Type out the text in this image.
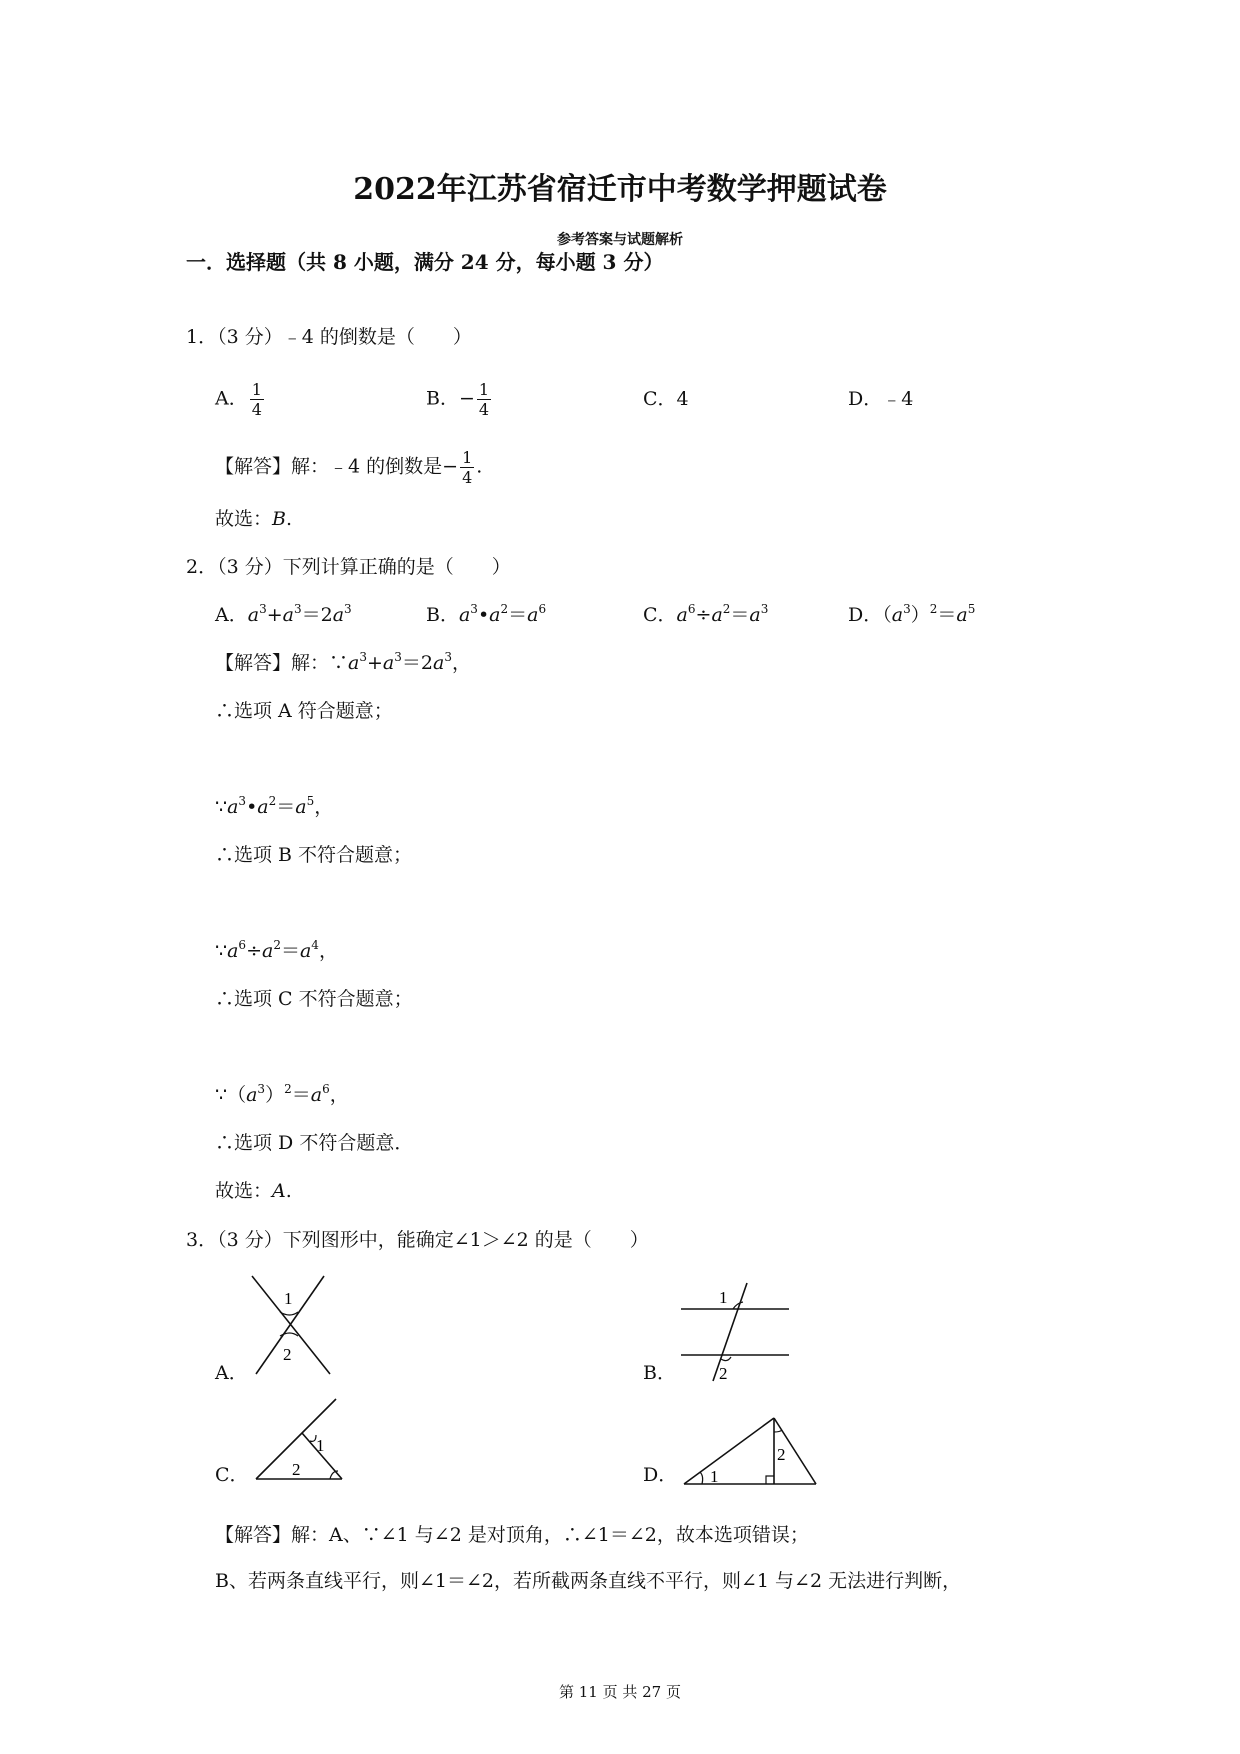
2022年江苏省宿迁市中考数学押题试卷
参考答案与试题解析
一．选择题（共 8 小题，满分 24 分，每小题 3 分）
1．（3 分）﹣4 的倒数是（　　）
A． $\frac{1}{4}$	B．− $\frac{1}{4}$	C．4	D．﹣4
【解答】解：﹣4 的倒数是− $\frac{1}{4}$ .
故选：B.
2．（3 分）下列计算正确的是（　　）
A．$a^3+a^3=2a^3$	B．$a^3•a^2=a^6$	C．$a^6\div a^2=a^3$	D．$(a^3)^2=a^5$
【解答】解：$\because a^3+a^3=2a^3$，
∴选项 A 符合题意；
$\because a^3•a^2=a^5$，
∴选项 B 不符合题意；
$\because a^6\div a^2=a^4$，
∴选项 C 不符合题意；
$\because(a^3)^2=a^6$，
∴选项 D 不符合题意．
故选：A.
3．（3 分）下列图形中，能确定∠1＞∠2 的是（　　）
A．
1
2
B．
1
2
C．
1
2	D． 1
2
【解答】解：A、∵∠1 与∠2 是对顶角，∴∠1＝∠2，故本选项错误；
B、若两条直线平行，则∠1＝∠2，若所截两条直线不平行，则∠1 与∠2 无法进行判断，
第 11 页 共 27 页
